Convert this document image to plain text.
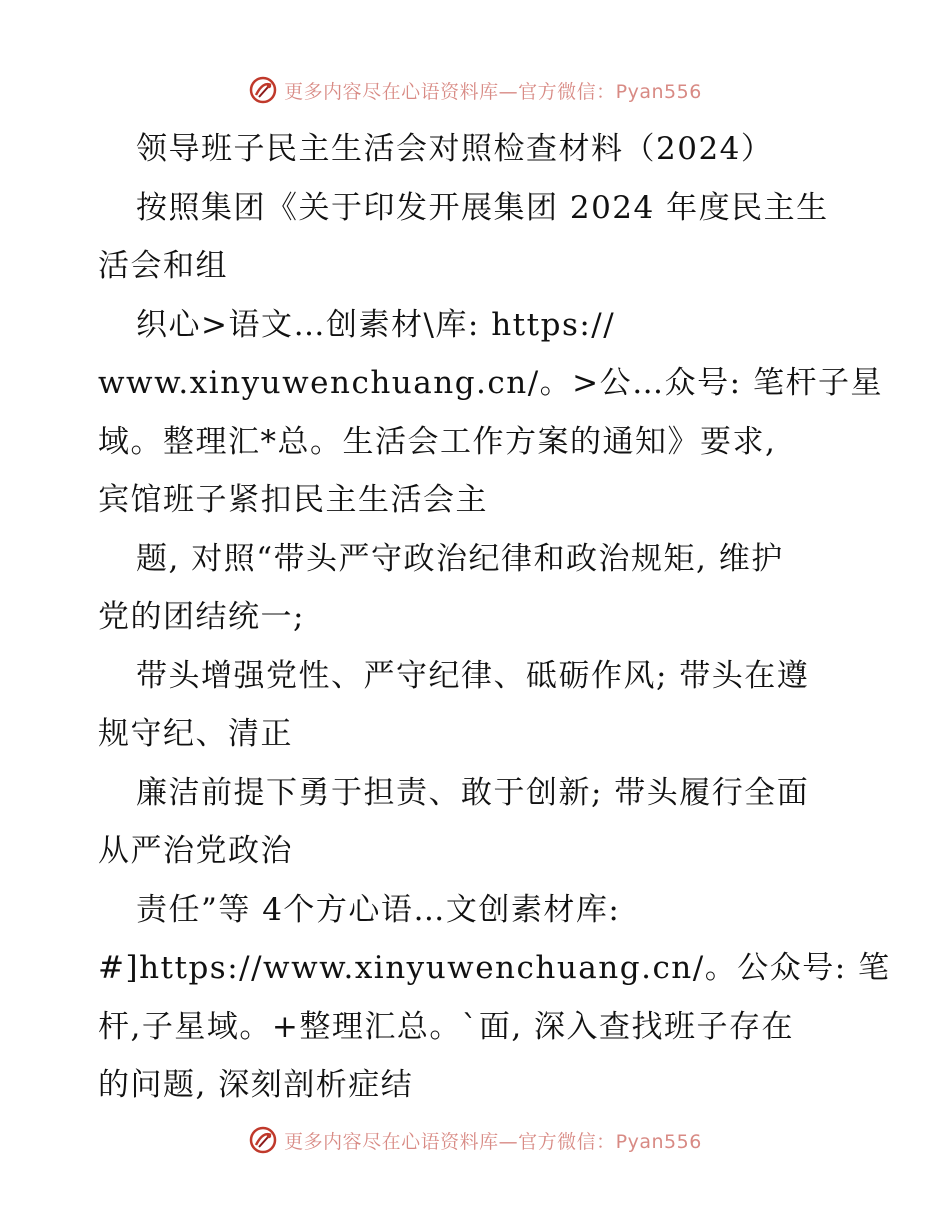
更多内容尽在心语资料库—官方微信：Pyan556
领导班子民主生活会对照检查材料（2024）
按照集团《关于印发开展集团 2024 年度民主生
活会和组
织心>语文…创素材\库: https://
www.xinyuwenchuang.cn/。>公…众号: 笔杆子星
域。整理汇*总。生活会工作方案的通知》要求,
宾馆班子紧扣民主生活会主
题, 对照“带头严守政治纪律和政治规矩, 维护
党的团结统一;
带头增强党性、严守纪律、砥砺作风; 带头在遵
规守纪、清正
廉洁前提下勇于担责、敢于创新; 带头履行全面
从严治党政治
责任”等 4个方心语…文创素材库:
#]https://www.xinyuwenchuang.cn/。公众号: 笔
杆,子星域。+整理汇总。`面, 深入查找班子存在
的问题, 深刻剖析症结
更多内容尽在心语资料库—官方微信：Pyan556
